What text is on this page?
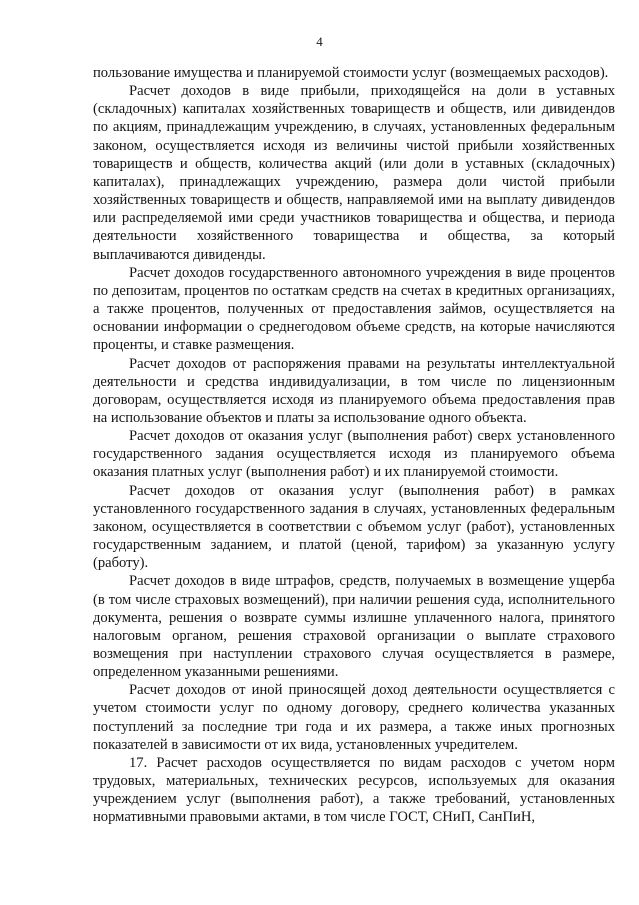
4

пользование имущества и планируемой стоимости услуг (возмещаемых расходов).

Расчет доходов в виде прибыли, приходящейся на доли в уставных (складочных) капиталах хозяйственных товариществ и обществ, или дивидендов по акциям, принадлежащим учреждению, в случаях, установленных федеральным законом, осуществляется исходя из величины чистой прибыли хозяйственных товариществ и обществ, количества акций (или доли в уставных (складочных) капиталах), принадлежащих учреждению, размера доли чистой прибыли хозяйственных товариществ и обществ, направляемой ими на выплату дивидендов или распределяемой ими среди участников товарищества и общества, и периода деятельности хозяйственного товарищества и общества, за который выплачиваются дивиденды.

Расчет доходов государственного автономного учреждения в виде процентов по депозитам, процентов по остаткам средств на счетах в кредитных организациях, а также процентов, полученных от предоставления займов, осуществляется на основании информации о среднегодовом объеме средств, на которые начисляются проценты, и ставке размещения.

Расчет доходов от распоряжения правами на результаты интеллектуальной деятельности и средства индивидуализации, в том числе по лицензионным договорам, осуществляется исходя из планируемого объема предоставления прав на использование объектов и платы за использование одного объекта.

Расчет доходов от оказания услуг (выполнения работ) сверх установленного государственного задания осуществляется исходя из планируемого объема оказания платных услуг (выполнения работ) и их планируемой стоимости.

Расчет доходов от оказания услуг (выполнения работ) в рамках установленного государственного задания в случаях, установленных федеральным законом, осуществляется в соответствии с объемом услуг (работ), установленных государственным заданием, и платой (ценой, тарифом) за указанную услугу (работу).

Расчет доходов в виде штрафов, средств, получаемых в возмещение ущерба (в том числе страховых возмещений), при наличии решения суда, исполнительного документа, решения о возврате суммы излишне уплаченного налога, принятого налоговым органом, решения страховой организации о выплате страхового возмещения при наступлении страхового случая осуществляется в размере, определенном указанными решениями.

Расчет доходов от иной приносящей доход деятельности осуществляется с учетом стоимости услуг по одному договору, среднего количества указанных поступлений за последние три года и их размера, а также иных прогнозных показателей в зависимости от их вида, установленных учредителем.

17. Расчет расходов осуществляется по видам расходов с учетом норм трудовых, материальных, технических ресурсов, используемых для оказания учреждением услуг (выполнения работ), а также требований, установленных нормативными правовыми актами, в том числе ГОСТ, СНиП, СанПиН,
